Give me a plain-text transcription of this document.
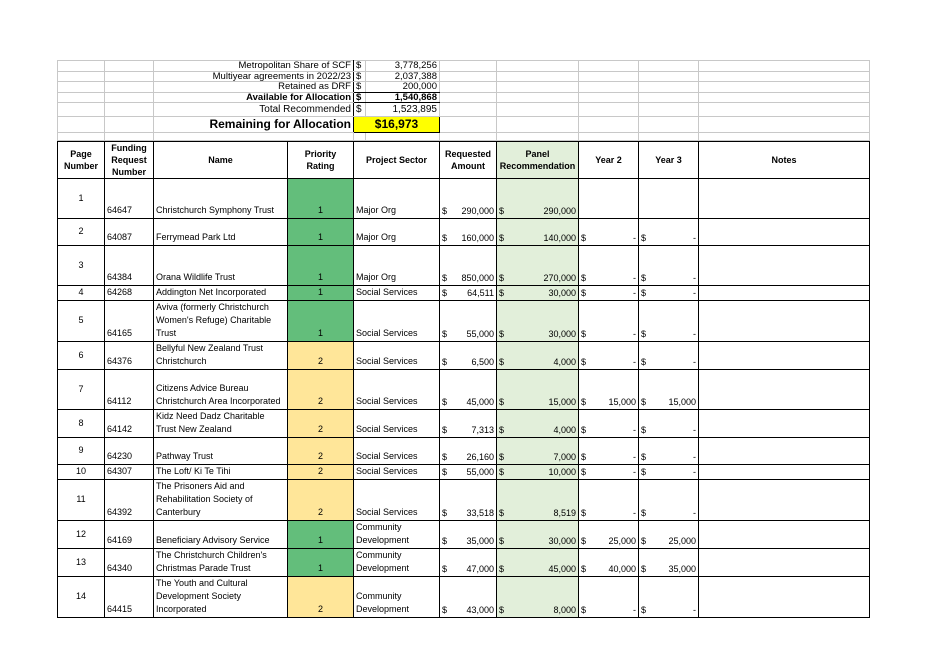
		Metropolitan Share of SCF	$	3,778,256					
		Multiyear agreements in 2022/23	$	2,037,388					
		Retained as DRF	$	200,000					
		Available for Allocation	$	1,540,868					
		Total Recommended	$	1,523,895					
		Remaining for Allocation	$16,973						

Page Number	Funding Request Number	Name	Priority Rating	Project Sector	Requested Amount	Panel Recommendation	Year 2	Year 3	Notes
1	64647	Christchurch Symphony Trust	1	Major Org	$ 290,000	$ 290,000			

2	64087	Ferrymead Park Ltd	1	Major Org	$ 160,000	$ 140,000	$ -	$ -	

3	64384	Orana Wildlife Trust	1	Major Org	$ 850,000	$ 270,000	$ -	$ -	

4	64268	Addington Net Incorporated	1	Social Services	$ 64,511	$ 30,000	$ -	$ -	

5	64165	Aviva (formerly Christchurch Women's Refuge) Charitable Trust	1	Social Services	$ 55,000	$ 30,000	$ -	$ -	

6	64376	Bellyful New Zealand Trust Christchurch	2	Social Services	$ 6,500	$ 4,000	$ -	$ -	

7	64112	Citizens Advice Bureau Christchurch Area Incorporated	2	Social Services	$ 45,000	$ 15,000	$ 15,000	$ 15,000	

8	64142	Kidz Need Dadz Charitable Trust New Zealand	2	Social Services	$ 7,313	$ 4,000	$ -	$ -	

9	64230	Pathway Trust	2	Social Services	$ 26,160	$ 7,000	$ -	$ -	

10	64307	The Loft/ Ki Te Tihi	2	Social Services	$ 55,000	$ 10,000	$ -	$ -	

11	64392	The Prisoners Aid and Rehabilitation Society of Canterbury	2	Social Services	$ 33,518	$ 8,519	$ -	$ -	

12	64169	Beneficiary Advisory Service	1	Community Development	$ 35,000	$ 30,000	$ 25,000	$ 25,000	

13	64340	The Christchurch Children's Christmas Parade Trust	1	Community Development	$ 47,000	$ 45,000	$ 40,000	$ 35,000	

14	64415	The Youth and Cultural Development Society Incorporated	2	Community Development	$ 43,000	$ 8,000	$ -	$ -	
